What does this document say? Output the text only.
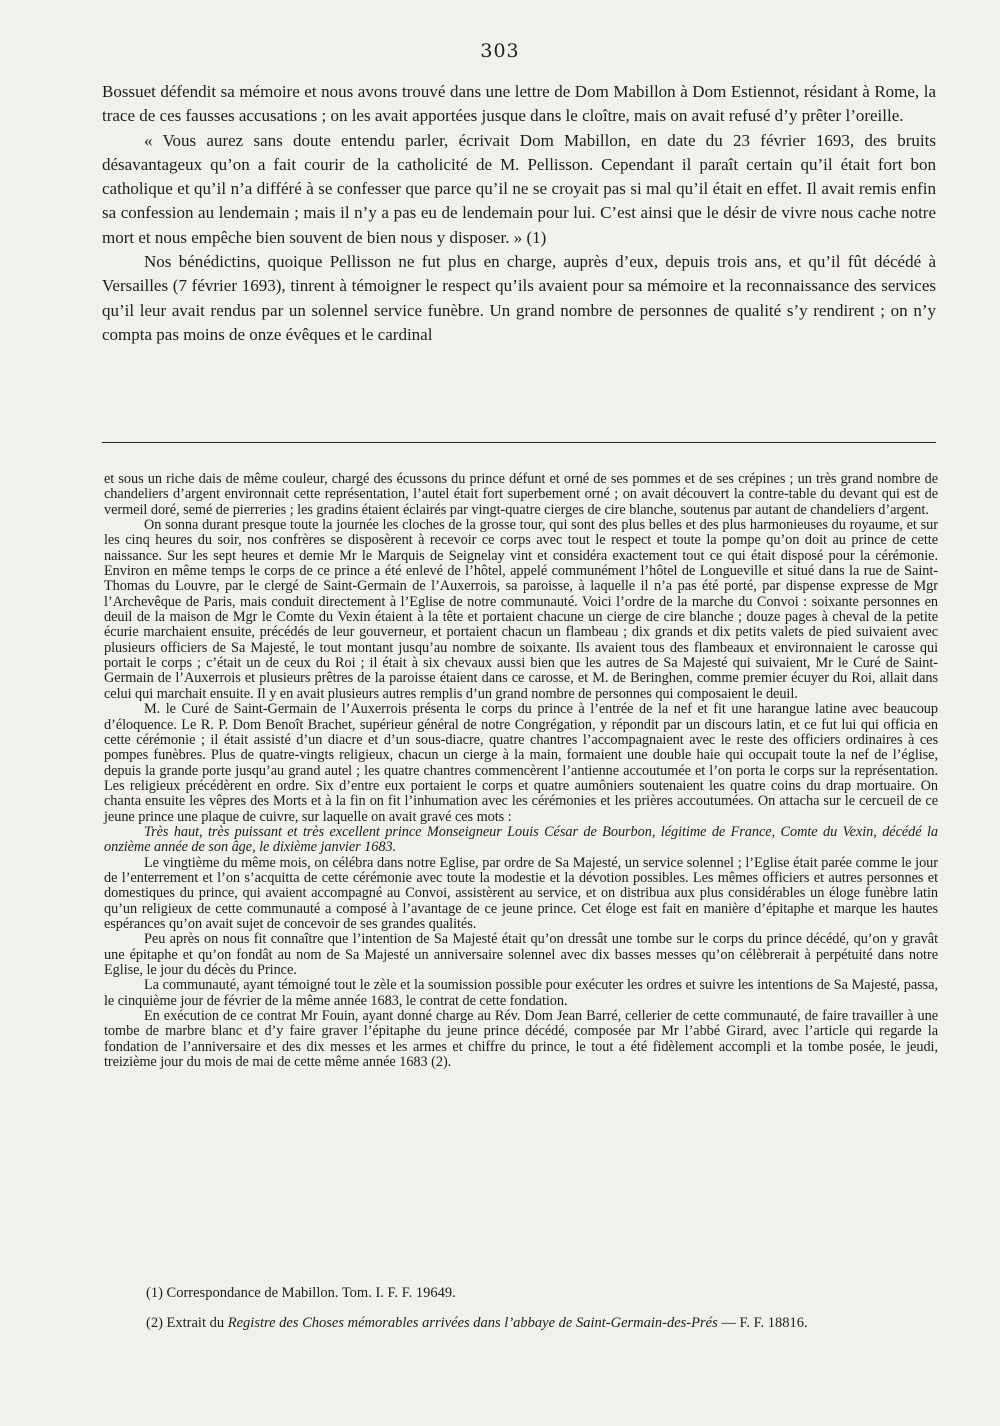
303

Bossuet défendit sa mémoire et nous avons trouvé dans une lettre de Dom Mabillon à Dom Estiennot, résidant à Rome, la trace de ces fausses accusations ; on les avait apportées jusque dans le cloître, mais on avait refusé d’y prêter l’oreille.

« Vous aurez sans doute entendu parler, écrivait Dom Mabillon, en date du 23 février 1693, des bruits désavantageux qu’on a fait courir de la catholicité de M. Pellisson. Cependant il paraît certain qu’il était fort bon catholique et qu’il n’a différé à se confesser que parce qu’il ne se croyait pas si mal qu’il était en effet. Il avait remis enfin sa confession au lendemain ; mais il n’y a pas eu de lendemain pour lui. C’est ainsi que le désir de vivre nous cache notre mort et nous empêche bien souvent de bien nous y disposer. » (1)

Nos bénédictins, quoique Pellisson ne fut plus en charge, auprès d’eux, depuis trois ans, et qu’il fût décédé à Versailles (7 février 1693), tinrent à témoigner le respect qu’ils avaient pour sa mémoire et la reconnaissance des services qu’il leur avait rendus par un solennel service funèbre. Un grand nombre de personnes de qualité s’y rendirent ; on n’y compta pas moins de onze évêques et le cardinal

et sous un riche dais de même couleur, chargé des écussons du prince défunt et orné de ses pommes et de ses crépines ; un très grand nombre de chandeliers d’argent environnait cette représentation, l’autel était fort superbement orné ; on avait découvert la contre-table du devant qui est de vermeil doré, semé de pierreries ; les gradins étaient éclairés par vingt-quatre cierges de cire blanche, soutenus par autant de chandeliers d’argent.

On sonna durant presque toute la journée les cloches de la grosse tour, qui sont des plus belles et des plus harmonieuses du royaume, et sur les cinq heures du soir, nos confrères se disposèrent à recevoir ce corps avec tout le respect et toute la pompe qu’on doit au prince de cette naissance. Sur les sept heures et demie Mr le Marquis de Seignelay vint et considéra exactement tout ce qui était disposé pour la cérémonie. Environ en même temps le corps de ce prince a été enlevé de l’hôtel, appelé communément l’hôtel de Longueville et situé dans la rue de Saint-Thomas du Louvre, par le clergé de Saint-Germain de l’Auxerrois, sa paroisse, à laquelle il n’a pas été porté, par dispense expresse de Mgr l’Archevêque de Paris, mais conduit directement à l’Eglise de notre communauté. Voici l’ordre de la marche du Convoi : soixante personnes en deuil de la maison de Mgr le Comte du Vexin étaient à la tête et portaient chacune un cierge de cire blanche ; douze pages à cheval de la petite écurie marchaient ensuite, précédés de leur gouverneur, et portaient chacun un flambeau ; dix grands et dix petits valets de pied suivaient avec plusieurs officiers de Sa Majesté, le tout montant jusqu’au nombre de soixante. Ils avaient tous des flambeaux et environnaient le carosse qui portait le corps ; c’était un de ceux du Roi ; il était à six chevaux aussi bien que les autres de Sa Majesté qui suivaient, Mr le Curé de Saint-Germain de l’Auxerrois et plusieurs prêtres de la paroisse étaient dans ce carosse, et M. de Beringhen, comme premier écuyer du Roi, allait dans celui qui marchait ensuite. Il y en avait plusieurs autres remplis d’un grand nombre de personnes qui composaient le deuil.

M. le Curé de Saint-Germain de l’Auxerrois présenta le corps du prince à l’entrée de la nef et fit une harangue latine avec beaucoup d’éloquence. Le R. P. Dom Benoît Brachet, supérieur général de notre Congrégation, y répondit par un discours latin, et ce fut lui qui officia en cette cérémonie ; il était assisté d’un diacre et d’un sous-diacre, quatre chantres l’accompagnaient avec le reste des officiers ordinaires à ces pompes funèbres. Plus de quatre-vingts religieux, chacun un cierge à la main, formaient une double haie qui occupait toute la nef de l’église, depuis la grande porte jusqu’au grand autel ; les quatre chantres commencèrent l’antienne accoutumée et l’on porta le corps sur la représentation. Les religieux précédèrent en ordre. Six d’entre eux portaient le corps et quatre aumôniers soutenaient les quatre coins du drap mortuaire. On chanta ensuite les vêpres des Morts et à la fin on fit l’inhumation avec les cérémonies et les prières accoutumées. On attacha sur le cercueil de ce jeune prince une plaque de cuivre, sur laquelle on avait gravé ces mots :

Très haut, très puissant et très excellent prince Monseigneur Louis César de Bourbon, légitime de France, Comte du Vexin, décédé la onzième année de son âge, le dixième janvier 1683.

Le vingtième du même mois, on célébra dans notre Eglise, par ordre de Sa Majesté, un service solennel ; l’Eglise était parée comme le jour de l’enterrement et l’on s’acquitta de cette cérémonie avec toute la modestie et la dévotion possibles. Les mêmes officiers et autres personnes et domestiques du prince, qui avaient accompagné au Convoi, assistèrent au service, et on distribua aux plus considérables un éloge funèbre latin qu’un religieux de cette communauté a composé à l’avantage de ce jeune prince. Cet éloge est fait en manière d’épitaphe et marque les hautes espérances qu’on avait sujet de concevoir de ses grandes qualités.

Peu après on nous fit connaître que l’intention de Sa Majesté était qu’on dressât une tombe sur le corps du prince décédé, qu’on y gravât une épitaphe et qu’on fondât au nom de Sa Majesté un anniversaire solennel avec dix basses messes qu’on célèbrerait à perpétuité dans notre Eglise, le jour du décès du Prince.

La communauté, ayant témoigné tout le zèle et la soumission possible pour exécuter les ordres et suivre les intentions de Sa Majesté, passa, le cinquième jour de février de la même année 1683, le contrat de cette fondation.

En exécution de ce contrat Mr Fouin, ayant donné charge au Rév. Dom Jean Barré, cellerier de cette communauté, de faire travailler à une tombe de marbre blanc et d’y faire graver l’épitaphe du jeune prince décédé, composée par Mr l’abbé Girard, avec l’article qui regarde la fondation de l’anniversaire et des dix messes et les armes et chiffre du prince, le tout a été fidèlement accompli et la tombe posée, le jeudi, treizième jour du mois de mai de cette même année 1683 (2).

(1) Correspondance de Mabillon. Tom. I. F. F. 19649.

(2) Extrait du Registre des Choses mémorables arrivées dans l’abbaye de Saint-Germain-des-Prés — F. F. 18816.
